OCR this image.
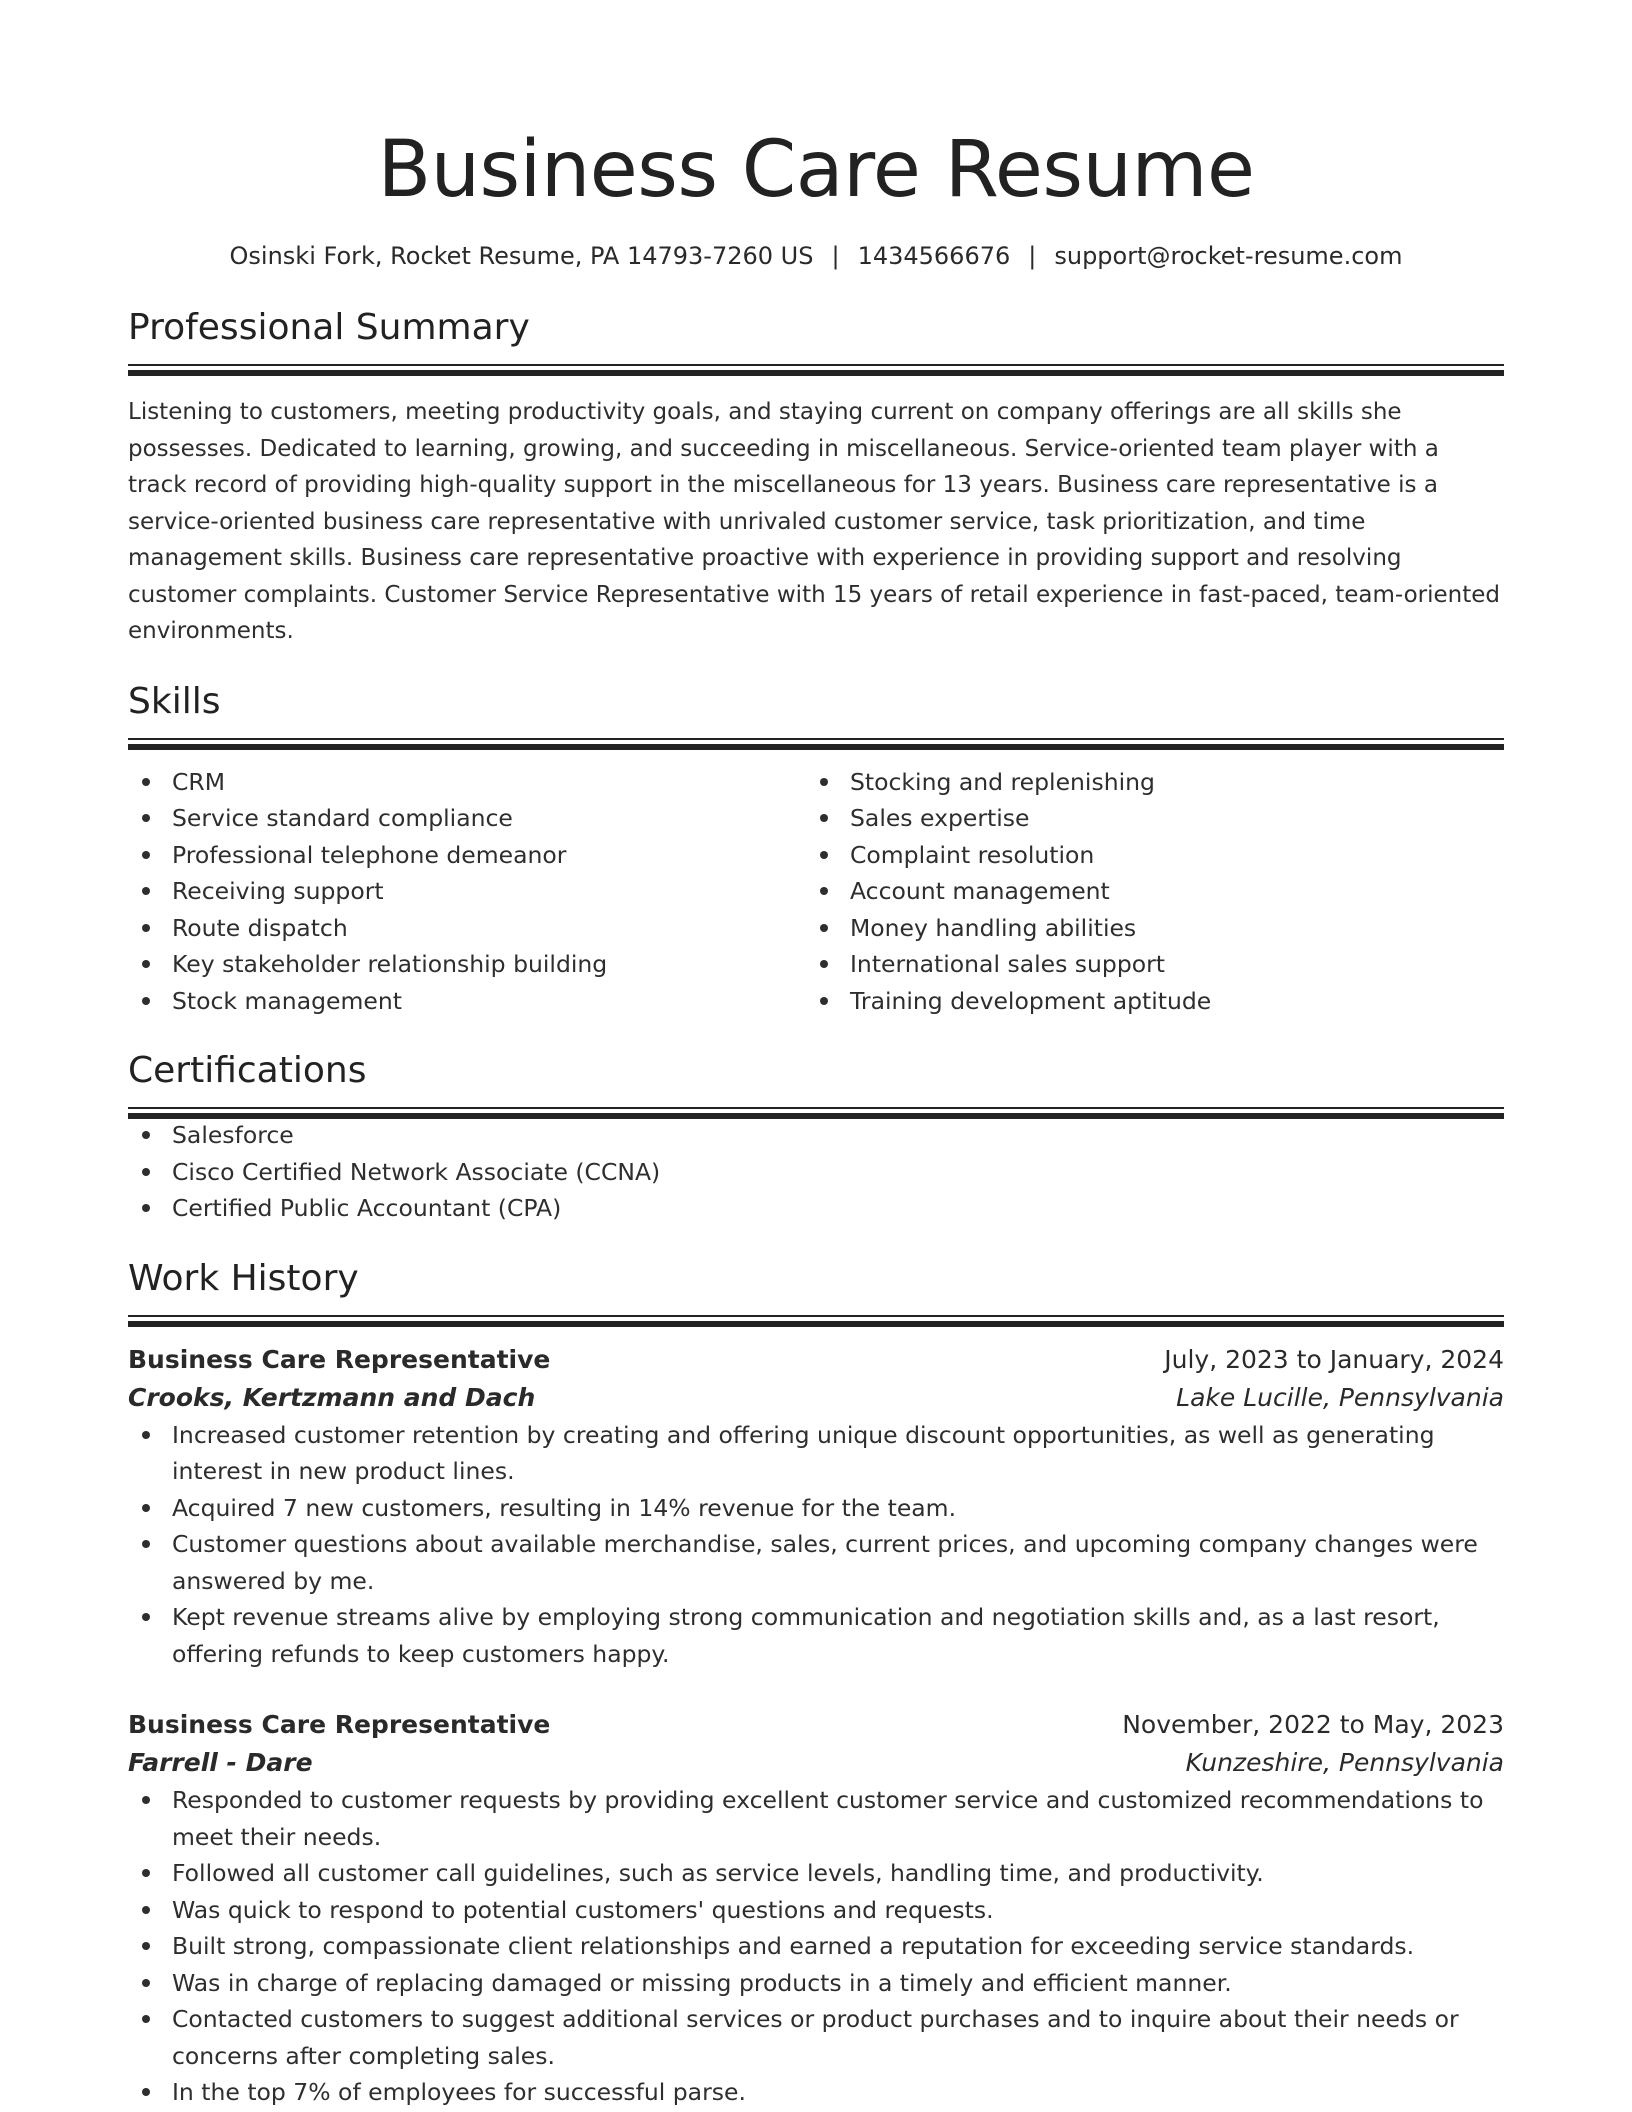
Business Care Resume
Osinski Fork, Rocket Resume, PA 14793-7260 US | 1434566676 | support@rocket-resume.com
Professional Summary

Listening to customers, meeting productivity goals, and staying current on company offerings are all skills she possesses. Dedicated to learning, growing, and succeeding in miscellaneous. Service-oriented team player with a track record of providing high-quality support in the miscellaneous for 13 years. Business care representative is a service-oriented business care representative with unrivaled customer service, task prioritization, and time management skills. Business care representative proactive with experience in providing support and resolving customer complaints. Customer Service Representative with 15 years of retail experience in fast-paced, team-oriented environments.

Skills
CRM
Service standard compliance
Professional telephone demeanor
Receiving support
Route dispatch
Key stakeholder relationship building
Stock management
Stocking and replenishing
Sales expertise
Complaint resolution
Account management
Money handling abilities
International sales support
Training development aptitude
Certifications
Salesforce
Cisco Certified Network Associate (CCNA)
Certified Public Accountant (CPA)
Work History
Business Care Representative	July, 2023 to January, 2024
Crooks, Kertzmann and Dach	Lake Lucille, Pennsylvania
Increased customer retention by creating and offering unique discount opportunities, as well as generating interest in new product lines.
Acquired 7 new customers, resulting in 14% revenue for the team.
Customer questions about available merchandise, sales, current prices, and upcoming company changes were answered by me.
Kept revenue streams alive by employing strong communication and negotiation skills and, as a last resort, offering refunds to keep customers happy.
Business Care Representative	November, 2022 to May, 2023
Farrell - Dare	Kunzeshire, Pennsylvania
Responded to customer requests by providing excellent customer service and customized recommendations to meet their needs.
Followed all customer call guidelines, such as service levels, handling time, and productivity.
Was quick to respond to potential customers' questions and requests.
Built strong, compassionate client relationships and earned a reputation for exceeding service standards.
Was in charge of replacing damaged or missing products in a timely and efficient manner.
Contacted customers to suggest additional services or product purchases and to inquire about their needs or concerns after completing sales.
In the top 7% of employees for successful parse.
